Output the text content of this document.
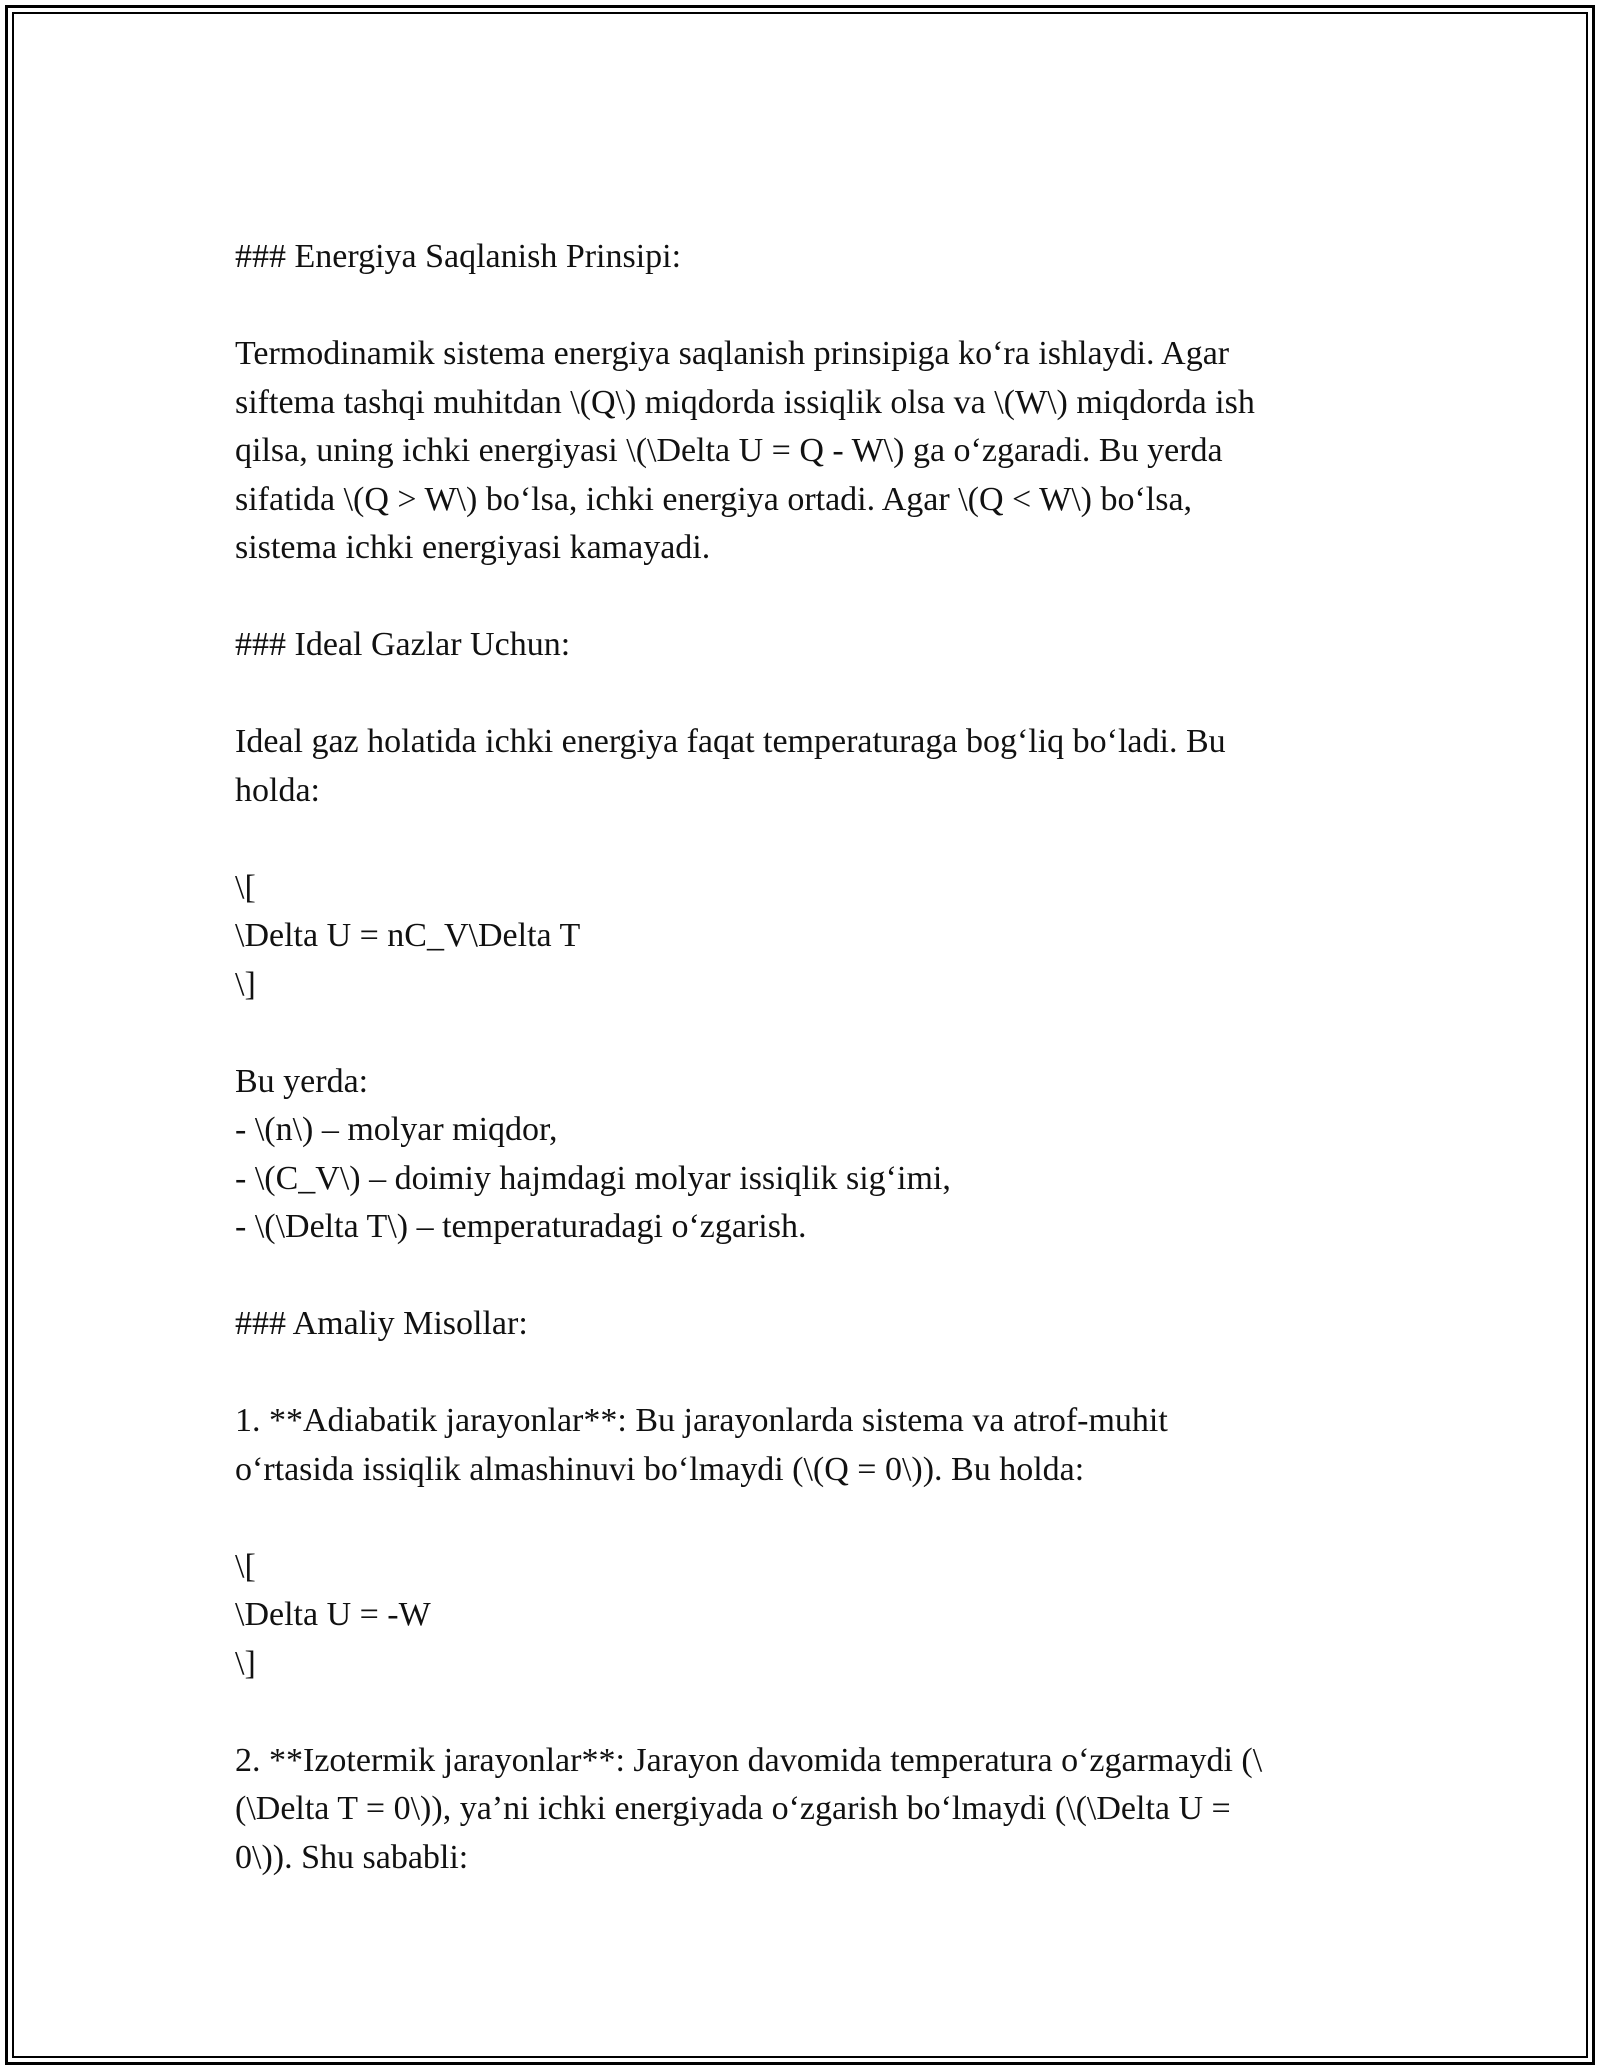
### Energiya Saqlanish Prinsipi:
Termodinamik sistema energiya saqlanish prinsipiga ko‘ra ishlaydi. Agar
siftema tashqi muhitdan \(Q\) miqdorda issiqlik olsa va \(W\) miqdorda ish
qilsa, uning ichki energiyasi \(\Delta U = Q - W\) ga o‘zgaradi. Bu yerda
sifatida \(Q > W\) bo‘lsa, ichki energiya ortadi. Agar \(Q < W\) bo‘lsa,
sistema ichki energiyasi kamayadi.
### Ideal Gazlar Uchun:
Ideal gaz holatida ichki energiya faqat temperaturaga bog‘liq bo‘ladi. Bu
holda:
\[
\Delta U = nC_V\Delta T
\]
Bu yerda:
- \(n\) – molyar miqdor,
- \(C_V\) – doimiy hajmdagi molyar issiqlik sig‘imi,
- \(\Delta T\) – temperaturadagi o‘zgarish.
### Amaliy Misollar:
1. **Adiabatik jarayonlar**: Bu jarayonlarda sistema va atrof-muhit
o‘rtasida issiqlik almashinuvi bo‘lmaydi (\(Q = 0\)). Bu holda:
\[
\Delta U = -W
\]
2. **Izotermik jarayonlar**: Jarayon davomida temperatura o‘zgarmaydi (\
(\Delta T = 0\)), ya’ni ichki energiyada o‘zgarish bo‘lmaydi (\(\Delta U =
0\)). Shu sababli:
